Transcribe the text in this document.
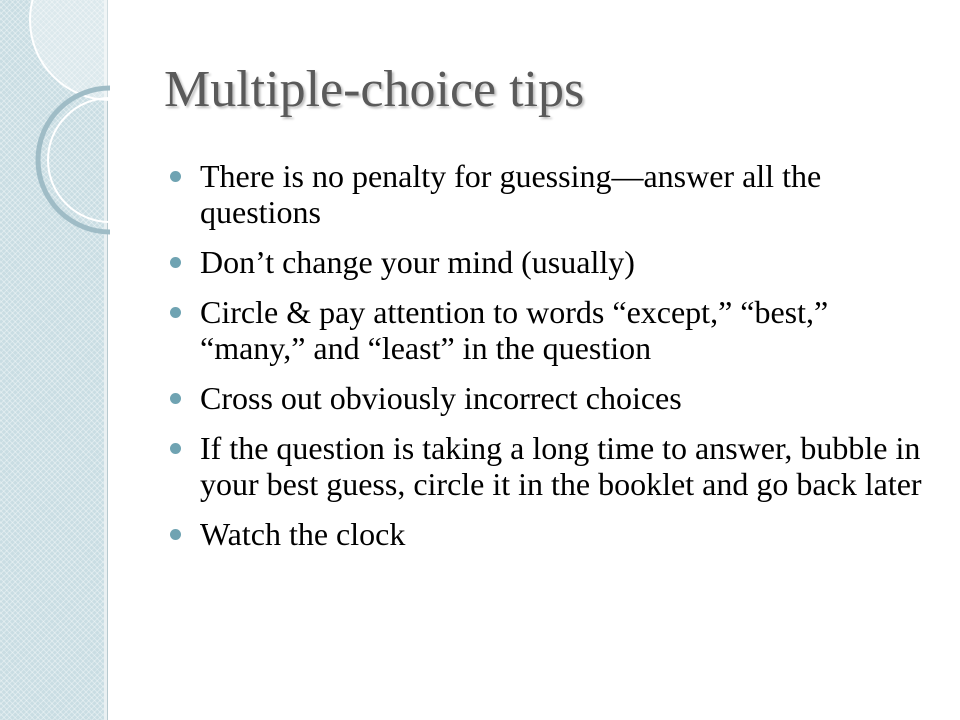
Multiple-choice tips
There is no penalty for guessing—answer all the questions
Don’t change your mind (usually)
Circle & pay attention to words “except,” “best,” “many,” and “least” in the question
Cross out obviously incorrect choices
If the question is taking a long time to answer, bubble in your best guess, circle it in the booklet and go back later
Watch the clock
